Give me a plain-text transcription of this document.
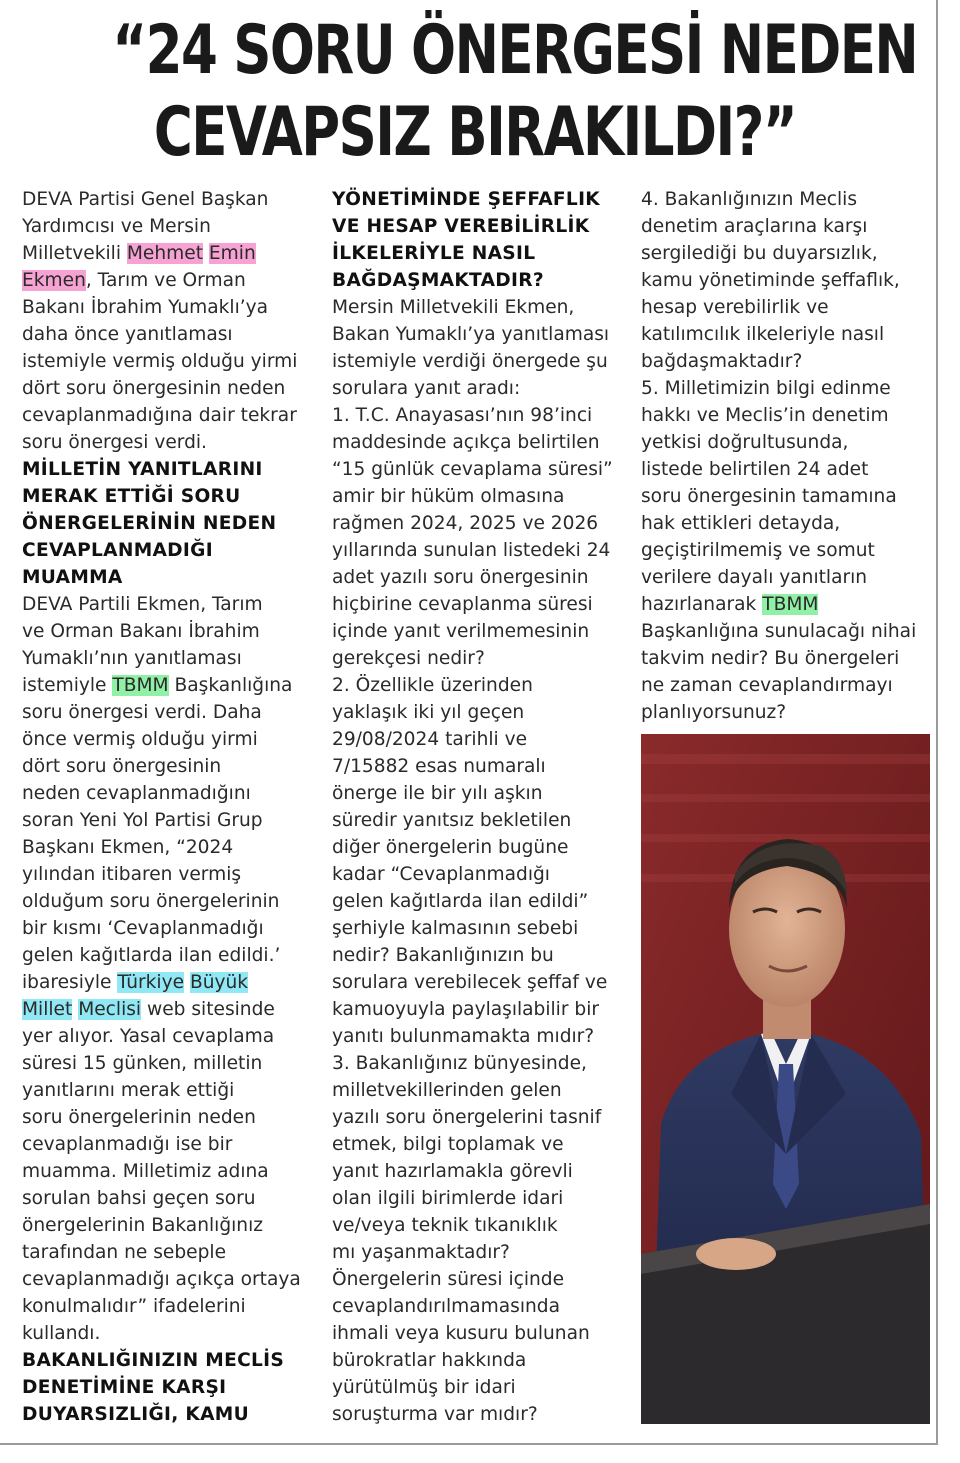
“24 SORU ÖNERGESİ NEDEN
CEVAPSIZ BIRAKILDI?”
DEVA Partisi Genel Başkan
Yardımcısı ve Mersin
Milletvekili Mehmet Emin
Ekmen, Tarım ve Orman
Bakanı İbrahim Yumaklı’ya
daha önce yanıtlaması
istemiyle vermiş olduğu yirmi
dört soru önergesinin neden
cevaplanmadığına dair tekrar
soru önergesi verdi.
MİLLETİN YANITLARINI
MERAK ETTİĞİ SORU
ÖNERGELERİNİN NEDEN
CEVAPLANMADIĞI
MUAMMA
DEVA Partili Ekmen, Tarım
ve Orman Bakanı İbrahim
Yumaklı’nın yanıtlaması
istemiyle TBMM Başkanlığına
soru önergesi verdi. Daha
önce vermiş olduğu yirmi
dört soru önergesinin
neden cevaplanmadığını
soran Yeni Yol Partisi Grup
Başkanı Ekmen, “2024
yılından itibaren vermiş
olduğum soru önergelerinin
bir kısmı ‘Cevaplanmadığı
gelen kağıtlarda ilan edildi.’
ibaresiyle Türkiye Büyük
Millet Meclisi web sitesinde
yer alıyor. Yasal cevaplama
süresi 15 günken, milletin
yanıtlarını merak ettiği
soru önergelerinin neden
cevaplanmadığı ise bir
muamma. Milletimiz adına
sorulan bahsi geçen soru
önergelerinin Bakanlığınız
tarafından ne sebeple
cevaplanmadığı açıkça ortaya
konulmalıdır” ifadelerini
kullandı.
BAKANLIĞINIZIN MECLİS
DENETİMİNE KARŞI
DUYARSIZLIĞI, KAMU
YÖNETİMİNDE ŞEFFAFLIK
VE HESAP VEREBİLİRLİK
İLKELERİYLE NASIL
BAĞDAŞMAKTADIR?
Mersin Milletvekili Ekmen,
Bakan Yumaklı’ya yanıtlaması
istemiyle verdiği önergede şu
sorulara yanıt aradı:
1. T.C. Anayasası’nın 98’inci
maddesinde açıkça belirtilen
“15 günlük cevaplama süresi”
amir bir hüküm olmasına
rağmen 2024, 2025 ve 2026
yıllarında sunulan listedeki 24
adet yazılı soru önergesinin
hiçbirine cevaplanma süresi
içinde yanıt verilmemesinin
gerekçesi nedir?
2. Özellikle üzerinden
yaklaşık iki yıl geçen
29/08/2024 tarihli ve
7/15882 esas numaralı
önerge ile bir yılı aşkın
süredir yanıtsız bekletilen
diğer önergelerin bugüne
kadar “Cevaplanmadığı
gelen kağıtlarda ilan edildi”
şerhiyle kalmasının sebebi
nedir? Bakanlığınızın bu
sorulara verebilecek şeffaf ve
kamuoyuyla paylaşılabilir bir
yanıtı bulunmamakta mıdır?
3. Bakanlığınız bünyesinde,
milletvekillerinden gelen
yazılı soru önergelerini tasnif
etmek, bilgi toplamak ve
yanıt hazırlamakla görevli
olan ilgili birimlerde idari
ve/veya teknik tıkanıklık
mı yaşanmaktadır?
Önergelerin süresi içinde
cevaplandırılmamasında
ihmali veya kusuru bulunan
bürokratlar hakkında
yürütülmüş bir idari
soruşturma var mıdır?
4. Bakanlığınızın Meclis
denetim araçlarına karşı
sergilediği bu duyarsızlık,
kamu yönetiminde şeffaflık,
hesap verebilirlik ve
katılımcılık ilkeleriyle nasıl
bağdaşmaktadır?
5. Milletimizin bilgi edinme
hakkı ve Meclis’in denetim
yetkisi doğrultusunda,
listede belirtilen 24 adet
soru önergesinin tamamına
hak ettikleri detayda,
geçiştirilmemiş ve somut
verilere dayalı yanıtların
hazırlanarak TBMM
Başkanlığına sunulacağı nihai
takvim nedir? Bu önergeleri
ne zaman cevaplandırmayı
planlıyorsunuz?
